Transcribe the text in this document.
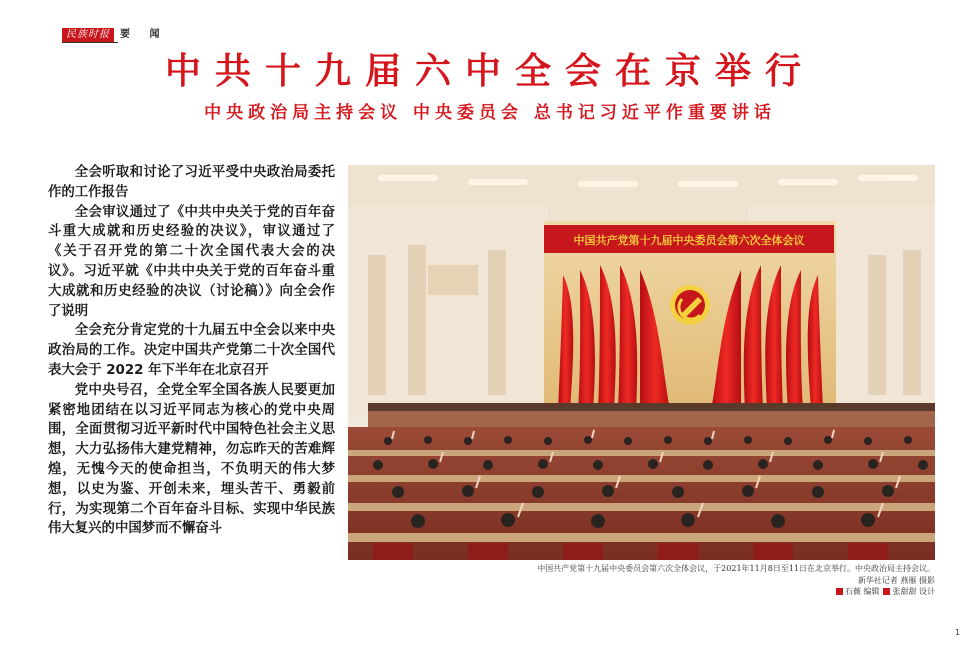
民族时报	要 闻
中共十九届六中全会在京举行
中央政治局主持会议 中央委员会 总书记习近平作重要讲话

全会听取和讨论了习近平受中央政治局委托作的工作报告

全会审议通过了《中共中央关于党的百年奋斗重大成就和历史经验的决议》，审议通过了《关于召开党的第二十次全国代表大会的决议》。习近平就《中共中央关于党的百年奋斗重大成就和历史经验的决议（讨论稿）》向全会作了说明

全会充分肯定党的十九届五中全会以来中央政治局的工作。决定中国共产党第二十次全国代表大会于 2022 年下半年在北京召开

党中央号召，全党全军全国各族人民要更加紧密地团结在以习近平同志为核心的党中央周围，全面贯彻习近平新时代中国特色社会主义思想，大力弘扬伟大建党精神，勿忘昨天的苦难辉煌，无愧今天的使命担当，不负明天的伟大梦想，以史为鉴、开创未来，埋头苦干、勇毅前行，为实现第二个百年奋斗目标、实现中华民族伟大复兴的中国梦而不懈奋斗

中国共产党第十九届中央委员会第六次全体会议
中国共产党第十九届中央委员会第六次全体会议，于2021年11月8日至11日在北京举行。中央政治局主持会议。
新华社记者 燕雁 摄影
石薇 编辑 张甜甜 设计
1
